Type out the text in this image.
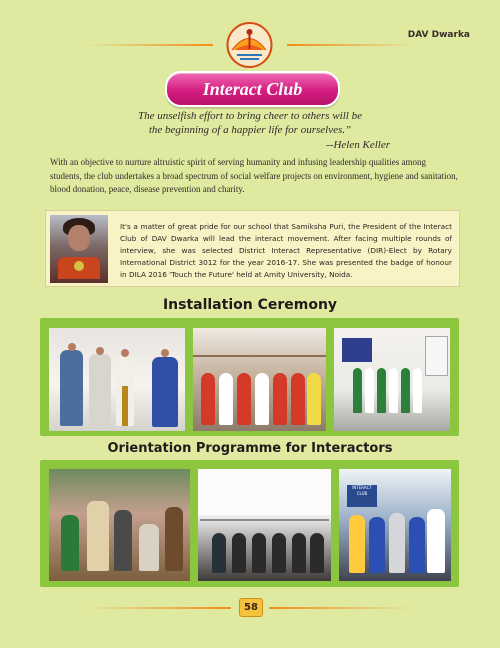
DAV Dwarka
Interact Club
The unselfish effort to bring cheer to others will be
the beginning of a happier life for ourselves.”
--Helen Keller
With an objective to nurture altruistic spirit of serving humanity and infusing leadership qualities among students, the club undertakes a broad spectrum of social welfare projects on environment, hygiene and sanitation, blood donation, peace, disease prevention and charity.
It's a matter of great pride for our school that Samiksha Puri, the President of the Interact Club of DAV Dwarka will lead the interact movement. After facing multiple rounds of interview, she was selected District Interact Representative (DIR)-Elect by Rotary International District 3012 for the year 2016-17. She was presented the badge of honour in DILA 2016 'Touch the Future' held at Amity University, Noida.
Installation Ceremony
Orientation Programme for Interactors
INTERACT CLUB
58
